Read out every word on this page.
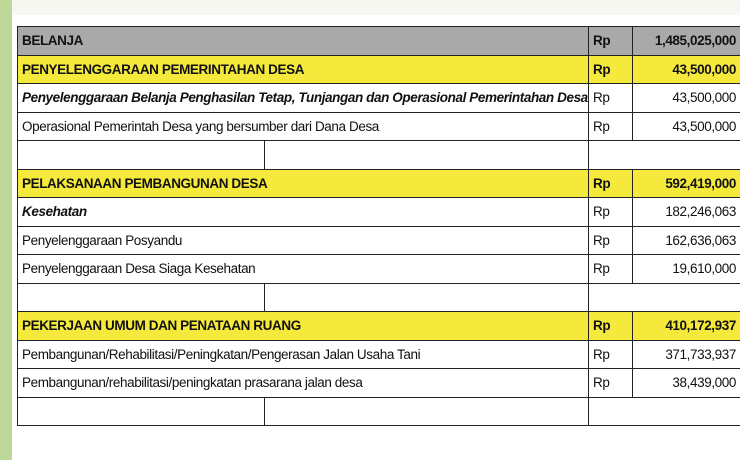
BELANJA	Rp	1,485,025,000
PENYELENGGARAAN PEMERINTAHAN DESA	Rp	43,500,000
Penyelenggaraan Belanja Penghasilan Tetap, Tunjangan dan Operasional Pemerintahan Desa	Rp	43,500,000
Operasional Pemerintah Desa yang bersumber dari Dana Desa	Rp	43,500,000

PELAKSANAAN PEMBANGUNAN DESA	Rp	592,419,000
Kesehatan	Rp	182,246,063
Penyelenggaraan Posyandu	Rp	162,636,063
Penyelenggaraan Desa Siaga Kesehatan	Rp	19,610,000

PEKERJAAN UMUM DAN PENATAAN RUANG	Rp	410,172,937
Pembangunan/Rehabilitasi/Peningkatan/Pengerasan Jalan Usaha Tani	Rp	371,733,937
Pembangunan/rehabilitasi/peningkatan prasarana jalan desa	Rp	38,439,000
